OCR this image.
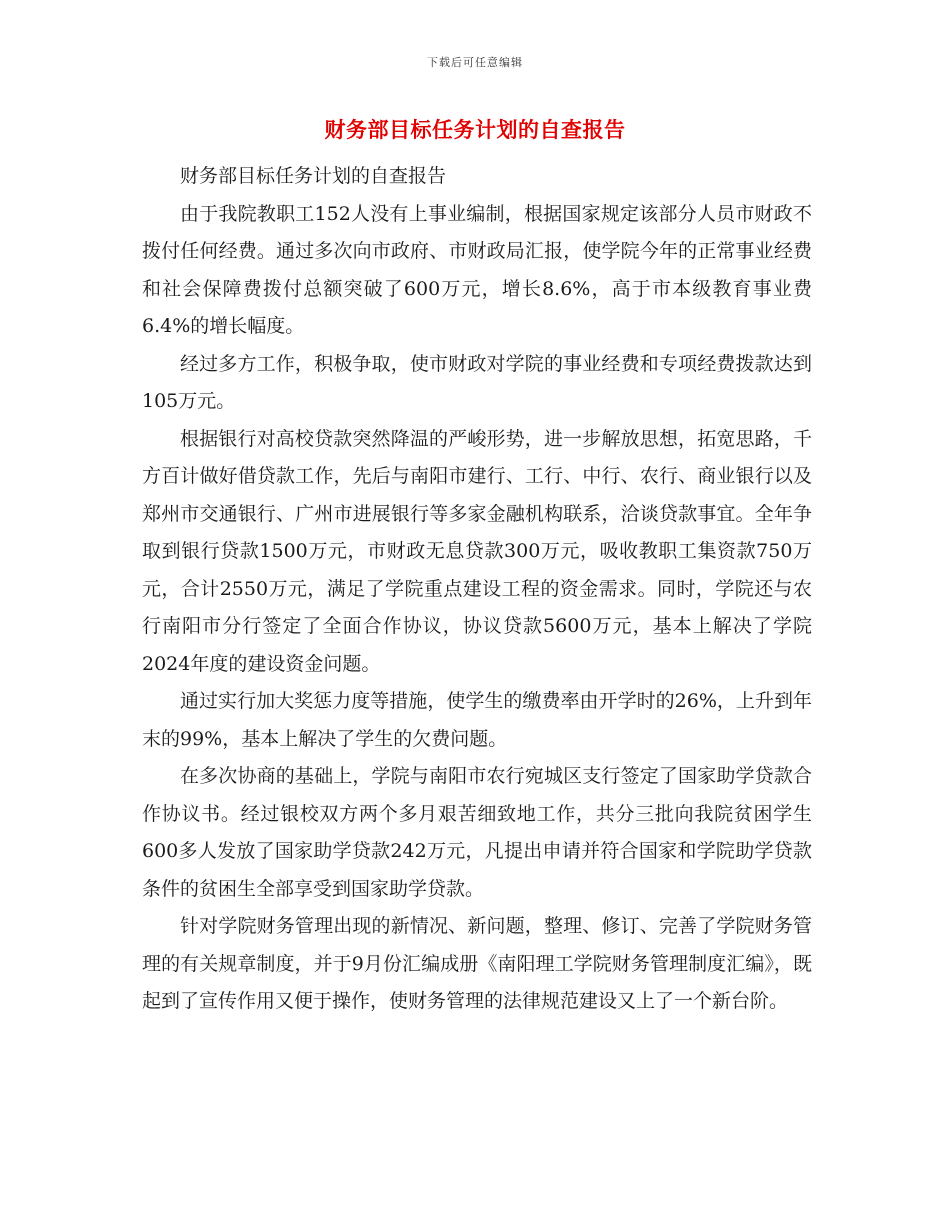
下载后可任意编辑
财务部目标任务计划的自查报告

财务部目标任务计划的自查报告

由于我院教职工152人没有上事业编制，根据国家规定该部分人员市财政不拨付任何经费。通过多次向市政府、市财政局汇报，使学院今年的正常事业经费和社会保障费拨付总额突破了600万元，增长8.6%，高于市本级教育事业费6.4%的增长幅度。

经过多方工作，积极争取，使市财政对学院的事业经费和专项经费拨款达到105万元。

根据银行对高校贷款突然降温的严峻形势，进一步解放思想，拓宽思路，千方百计做好借贷款工作，先后与南阳市建行、工行、中行、农行、商业银行以及郑州市交通银行、广州市进展银行等多家金融机构联系，洽谈贷款事宜。全年争取到银行贷款1500万元，市财政无息贷款300万元，吸收教职工集资款750万元，合计2550万元，满足了学院重点建设工程的资金需求。同时，学院还与农行南阳市分行签定了全面合作协议，协议贷款5600万元，基本上解决了学院2024年度的建设资金问题。

通过实行加大奖惩力度等措施，使学生的缴费率由开学时的26%，上升到年末的99%，基本上解决了学生的欠费问题。

在多次协商的基础上，学院与南阳市农行宛城区支行签定了国家助学贷款合作协议书。经过银校双方两个多月艰苦细致地工作，共分三批向我院贫困学生600多人发放了国家助学贷款242万元，凡提出申请并符合国家和学院助学贷款条件的贫困生全部享受到国家助学贷款。

针对学院财务管理出现的新情况、新问题，整理、修订、完善了学院财务管理的有关规章制度，并于9月份汇编成册《南阳理工学院财务管理制度汇编》，既起到了宣传作用又便于操作，使财务管理的法律规范建设又上了一个新台阶。
